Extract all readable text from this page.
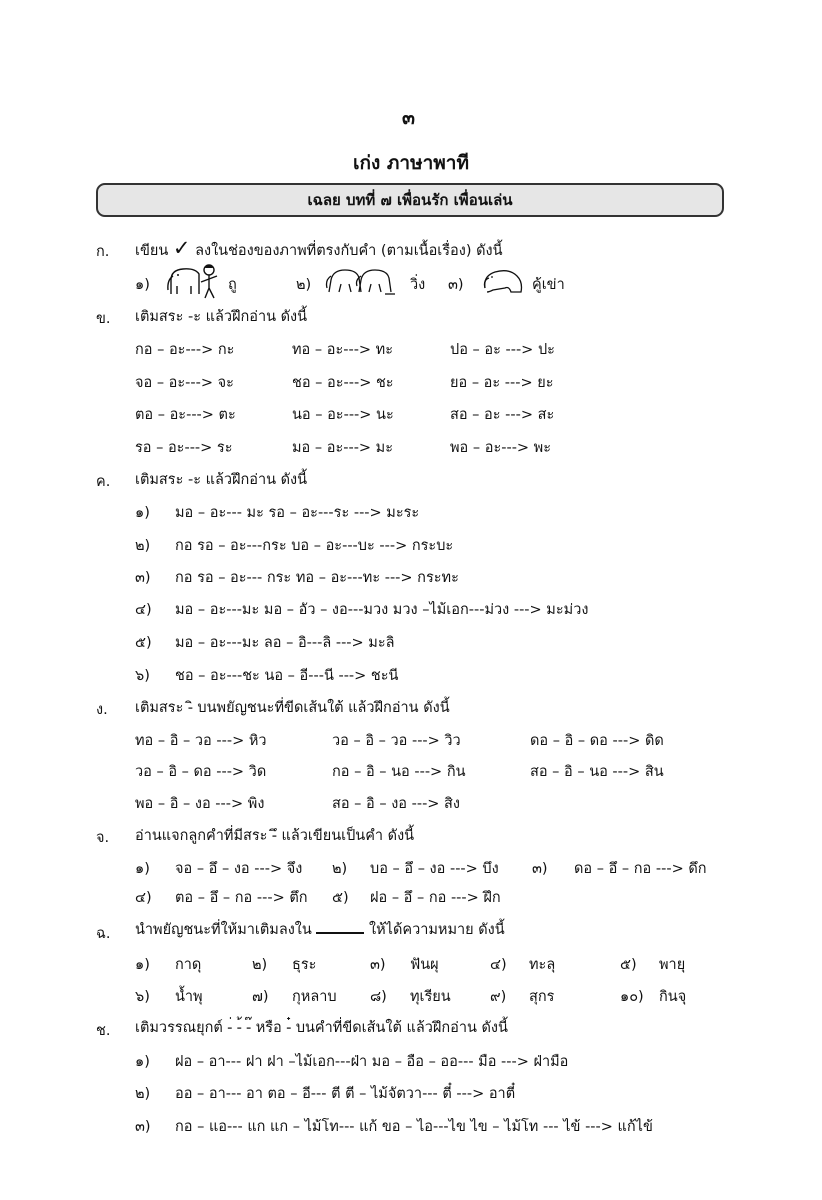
๓
เก่ง ภาษาพาที
เฉลย บทที่ ๗ เพื่อนรัก เพื่อนเล่น
ก. เขียน ✓ ลงในช่องของภาพที่ตรงกับคำ (ตามเนื้อเรื่อง) ดังนี้
๑)	ถู	๒)	วิ่ง ๓)	คู้เข่า
ข. เติมสระ -ะ แล้วฝึกอ่าน ดังนี้
กอ – อะ---> กะ	ทอ – อะ---> ทะ	ปอ – อะ ---> ปะ
จอ – อะ---> จะ	ชอ – อะ---> ชะ	ยอ – อะ ---> ยะ
ตอ – อะ---> ตะ	นอ – อะ---> นะ	สอ – อะ ---> สะ
รอ – อะ---> ระ	มอ – อะ---> มะ	พอ – อะ---> พะ
ค. เติมสระ -ะ แล้วฝึกอ่าน ดังนี้
๑) มอ – อะ--- มะ รอ – อะ---ระ ---> มะระ
๒) กอ รอ – อะ---กระ บอ – อะ---บะ ---> กระบะ
๓) กอ รอ – อะ--- กระ ทอ – อะ---ทะ ---> กระทะ
๔) มอ – อะ---มะ มอ – อัว – งอ---มวง มวง –ไม้เอก---ม่วง ---> มะม่วง
๕) มอ – อะ---มะ ลอ – อิ---ลิ ---> มะลิ
๖) ชอ – อะ---ชะ นอ – อี---นี ---> ชะนี
ง. เติมสระ -ิ บนพยัญชนะที่ขีดเส้นใต้ แล้วฝึกอ่าน ดังนี้
ทอ – อิ – วอ ---> หิว	วอ – อิ – วอ ---> วิว	ดอ – อิ – ดอ ---> ดิด
วอ – อิ – ดอ ---> วิด	กอ – อิ – นอ ---> กิน	สอ – อิ – นอ ---> สิน
พอ – อิ – งอ ---> พิง	สอ – อิ – งอ ---> สิง
จ. อ่านแจกลูกคำที่มีสระ -ึ แล้วเขียนเป็นคำ ดังนี้
๑) จอ – อึ – งอ ---> จึง ๒) บอ – อึ – งอ ---> บึง ๓) ดอ – อึ – กอ ---> ดึก
๔) ตอ – อึ – กอ ---> ตึก ๕) ฝอ – อึ – กอ ---> ฝึก
ฉ. นำพยัญชนะที่ให้มาเติมลงใน	ให้ได้ความหมาย ดังนี้
๑) กาดุ	๒) ธุระ	๓) ฟันผุ	๔) ทะลุ	๕) พายุ
๖) น้ำพุ	๗) กุหลาบ ๘) ทุเรียน	๙) สุกร	๑๐) กินจุ
ช. เติมวรรณยุกต์ -่ -้ -๊ หรือ -๋ บนคำที่ขีดเส้นใต้ แล้วฝึกอ่าน ดังนี้
๑) ฝอ – อา--- ฝา ฝา –ไม้เอก---ฝ่า มอ – อือ – ออ--- มือ ---> ฝ่ามือ
๒) ออ – อา--- อา ตอ – อี--- ตี ตี – ไม้จัตวา--- ตี๋ ---> อาตี๋
๓) กอ – แอ--- แก แก – ไม้โท--- แก้ ขอ – ไอ---ไข ไข – ไม้โท --- ไข้ ---> แก้ไข้
